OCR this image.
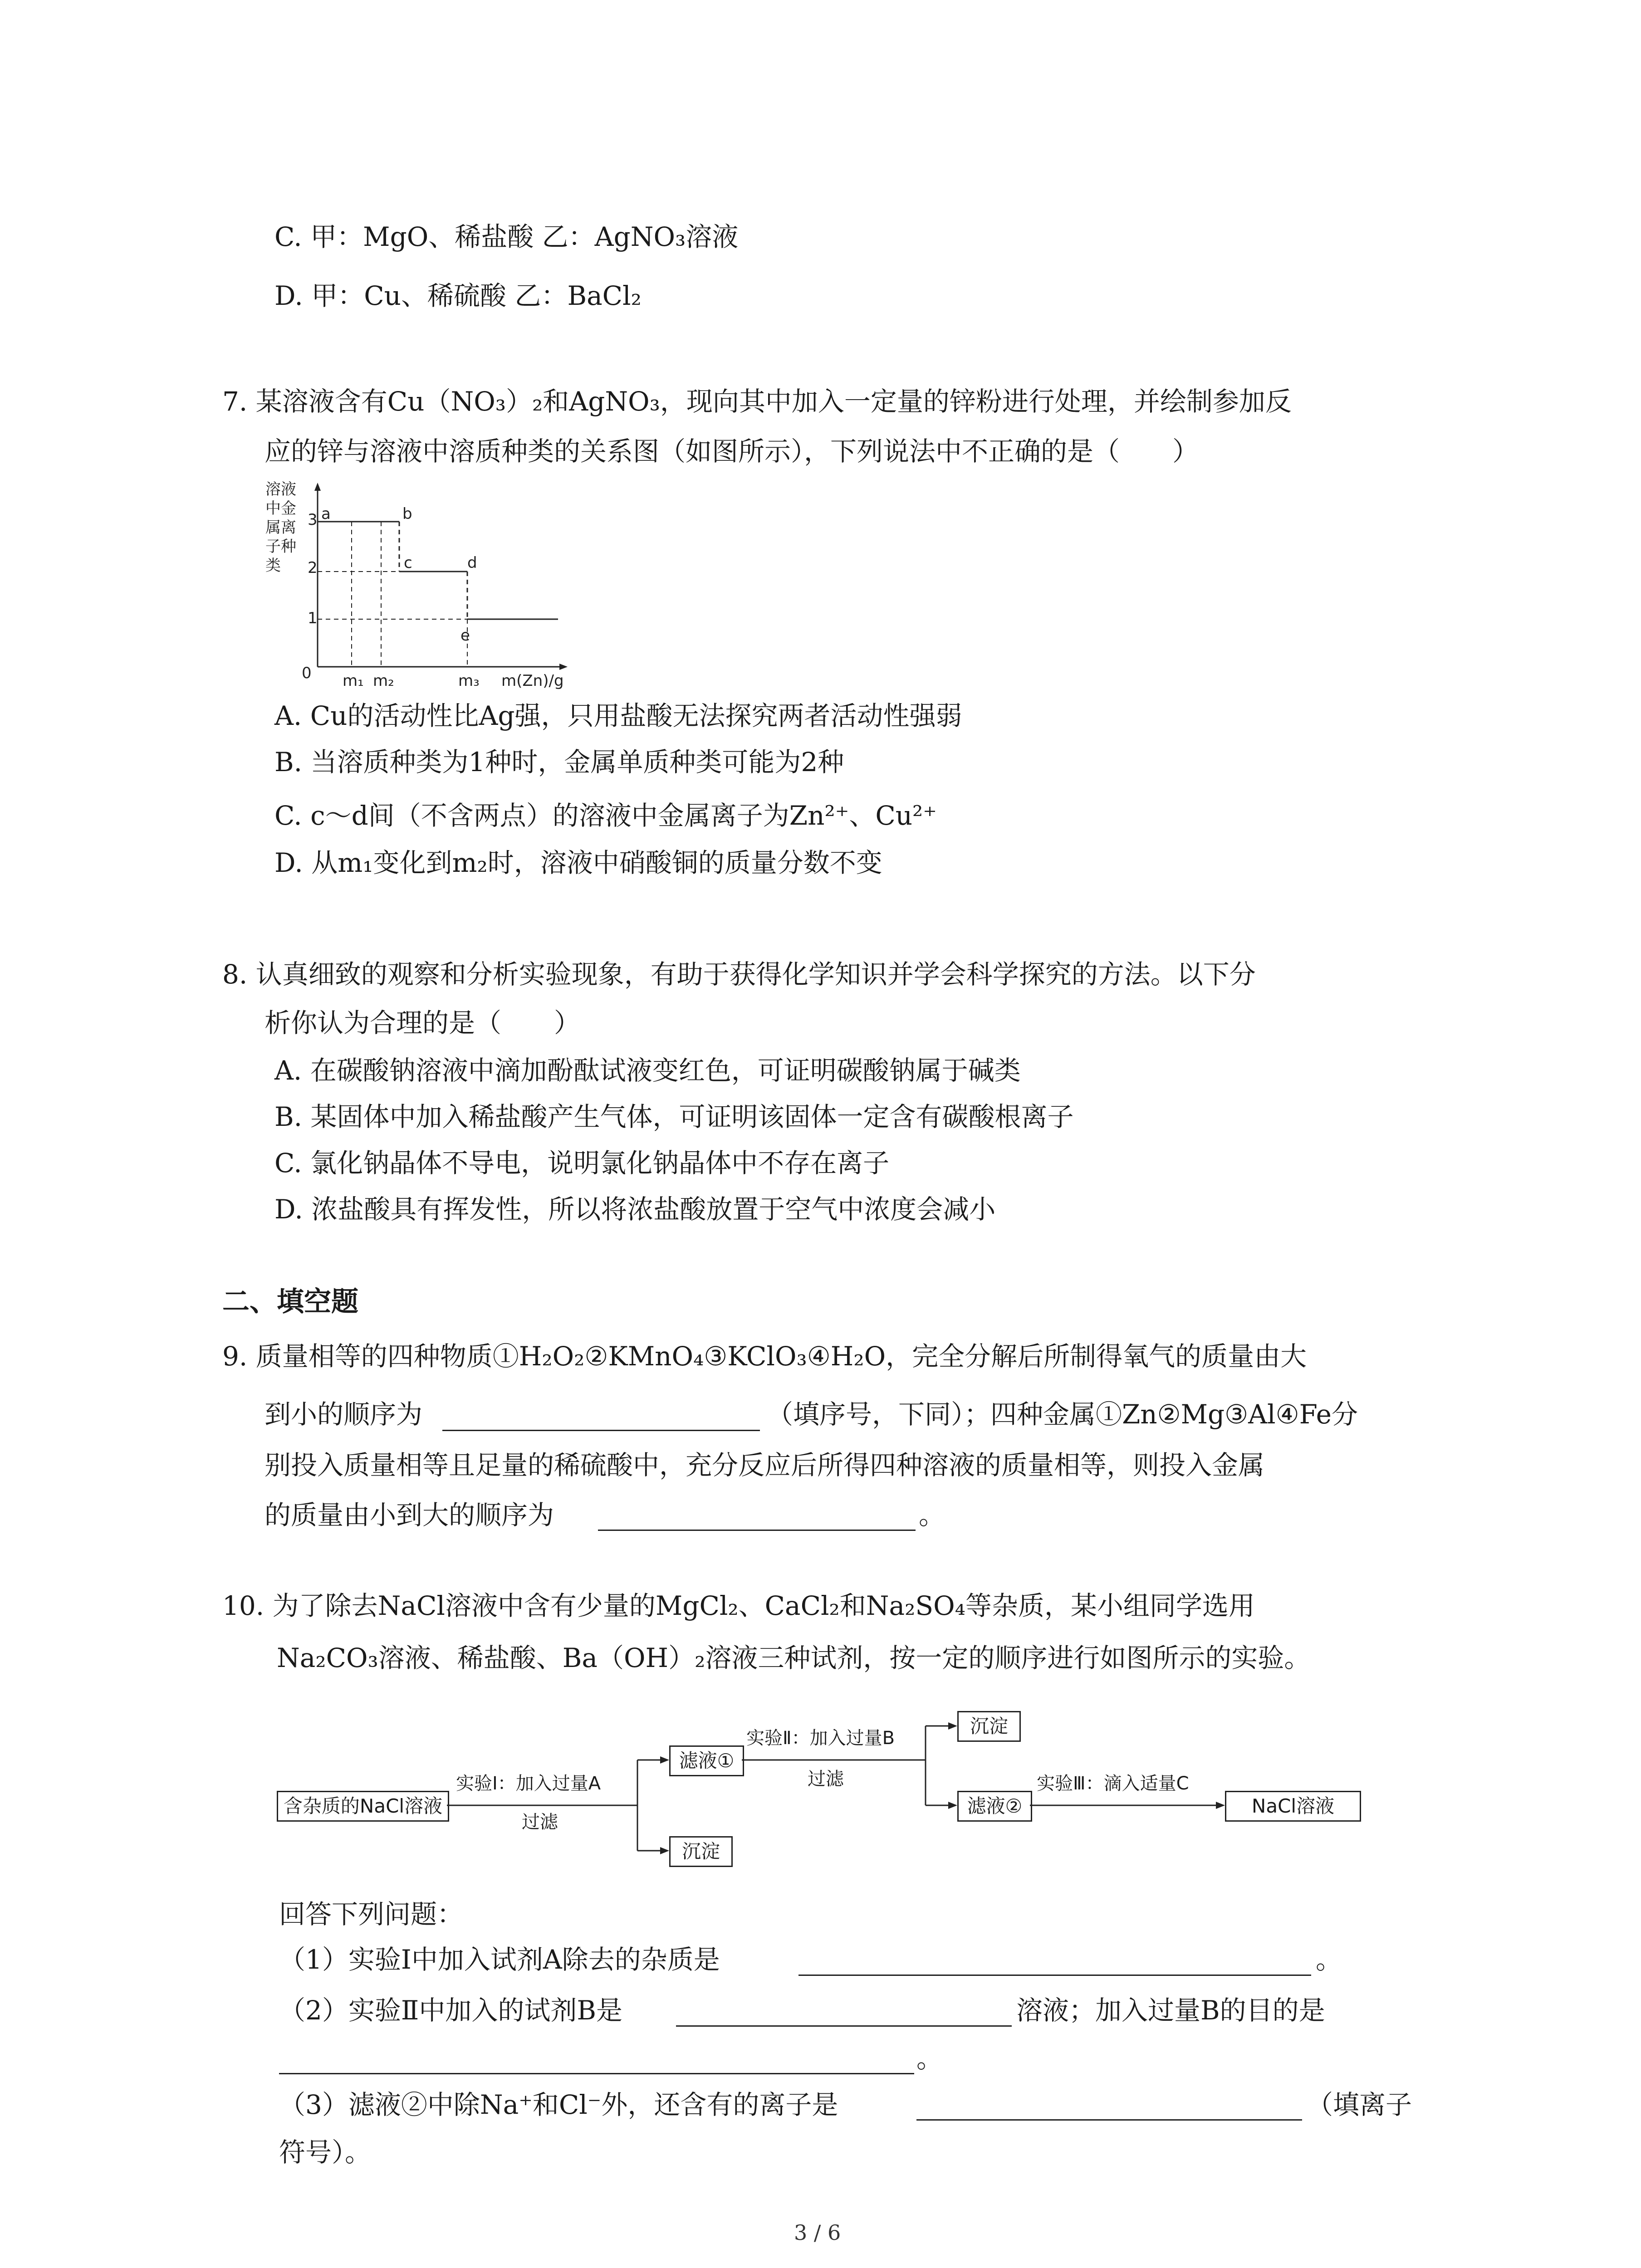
C. 甲：MgO、稀盐酸 乙：AgNO₃溶液
D. 甲：Cu、稀硫酸 乙：BaCl₂
7. 某溶液含有Cu（NO₃）₂和AgNO₃，现向其中加入一定量的锌粉进行处理，并绘制参加反
应的锌与溶液中溶质种类的关系图（如图所示），下列说法中不正确的是（　　）
溶液
中金
属离
子种
类
3
2
1
0
a	b
c	d
e
m₁ m₂	m₃ m(Zn)/g
A. Cu的活动性比Ag强，只用盐酸无法探究两者活动性强弱
B. 当溶质种类为1种时，金属单质种类可能为2种
C. c～d间（不含两点）的溶液中金属离子为Zn²⁺、Cu²⁺
D. 从m₁变化到m₂时，溶液中硝酸铜的质量分数不变
8. 认真细致的观察和分析实验现象，有助于获得化学知识并学会科学探究的方法。以下分
析你认为合理的是（　　）
A. 在碳酸钠溶液中滴加酚酞试液变红色，可证明碳酸钠属于碱类
B. 某固体中加入稀盐酸产生气体，可证明该固体一定含有碳酸根离子
C. 氯化钠晶体不导电，说明氯化钠晶体中不存在离子
D. 浓盐酸具有挥发性，所以将浓盐酸放置于空气中浓度会减小
二、填空题
9. 质量相等的四种物质①H₂O₂②KMnO₄③KClO₃④H₂O，完全分解后所制得氧气的质量由大
到小的顺序为	（填序号，下同）；四种金属①Zn②Mg③Al④Fe分
别投入质量相等且足量的稀硫酸中，充分反应后所得四种溶液的质量相等，则投入金属
的质量由小到大的顺序为	。
10. 为了除去NaCl溶液中含有少量的MgCl₂、CaCl₂和Na₂SO₄等杂质，某小组同学选用
Na₂CO₃溶液、稀盐酸、Ba（OH）₂溶液三种试剂，按一定的顺序进行如图所示的实验。
含杂质的NaCl溶液
实验Ⅰ：加入过量A
过滤
滤液①
沉淀
实验Ⅱ：加入过量B
过滤
沉淀
滤液②
实验Ⅲ：滴入适量C
NaCl溶液
回答下列问题：
（1）实验Ⅰ中加入试剂A除去的杂质是	。
（2）实验Ⅱ中加入的试剂B是	溶液；加入过量B的目的是
。
（3）滤液②中除Na⁺和Cl⁻外，还含有的离子是	（填离子
符号）。
3 / 6
